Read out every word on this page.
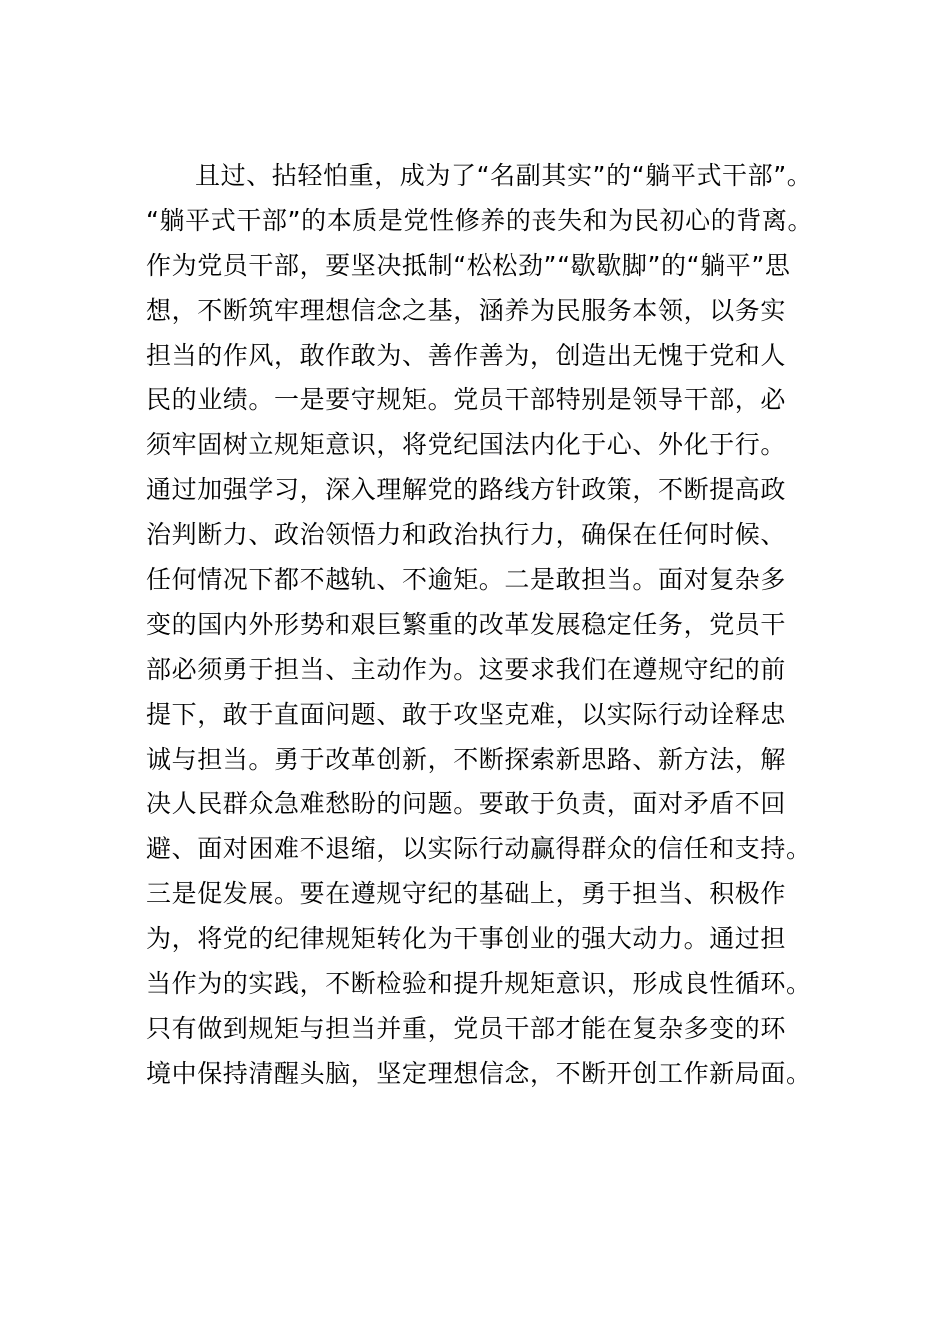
且过、拈轻怕重，成为了“名副其实”的“躺平式干部”。
“躺平式干部”的本质是党性修养的丧失和为民初心的背离。
作为党员干部，要坚决抵制“松松劲”“歇歇脚”的“躺平”思
想，不断筑牢理想信念之基，涵养为民服务本领，以务实
担当的作风，敢作敢为、善作善为，创造出无愧于党和人
民的业绩。一是要守规矩。党员干部特别是领导干部，必
须牢固树立规矩意识，将党纪国法内化于心、外化于行。
通过加强学习，深入理解党的路线方针政策，不断提高政
治判断力、政治领悟力和政治执行力，确保在任何时候、
任何情况下都不越轨、不逾矩。二是敢担当。面对复杂多
变的国内外形势和艰巨繁重的改革发展稳定任务，党员干
部必须勇于担当、主动作为。这要求我们在遵规守纪的前
提下，敢于直面问题、敢于攻坚克难，以实际行动诠释忠
诚与担当。勇于改革创新，不断探索新思路、新方法，解
决人民群众急难愁盼的问题。要敢于负责，面对矛盾不回
避、面对困难不退缩，以实际行动赢得群众的信任和支持。
三是促发展。要在遵规守纪的基础上，勇于担当、积极作
为，将党的纪律规矩转化为干事创业的强大动力。通过担
当作为的实践，不断检验和提升规矩意识，形成良性循环。
只有做到规矩与担当并重，党员干部才能在复杂多变的环
境中保持清醒头脑，坚定理想信念，不断开创工作新局面。
